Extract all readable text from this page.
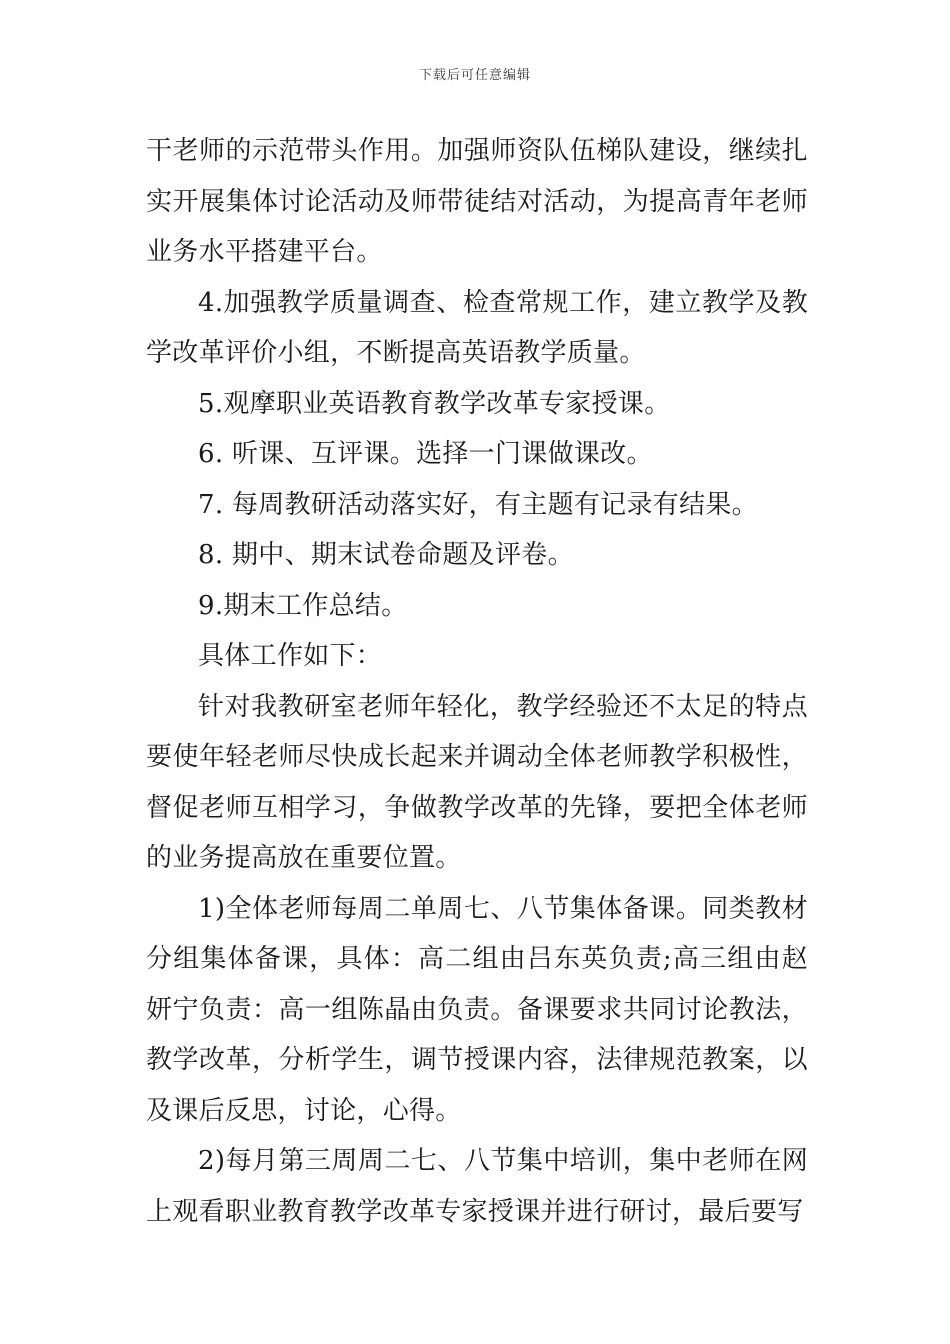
下载后可任意编辑

干老师的示范带头作用。加强师资队伍梯队建设，继续扎实开展集体讨论活动及师带徒结对活动，为提高青年老师业务水平搭建平台。

4.加强教学质量调查、检查常规工作，建立教学及教学改革评价小组，不断提高英语教学质量。

5.观摩职业英语教育教学改革专家授课。

6. 听课、互评课。选择一门课做课改。

7. 每周教研活动落实好，有主题有记录有结果。

8. 期中、期末试卷命题及评卷。

9.期末工作总结。

具体工作如下：

针对我教研室老师年轻化，教学经验还不太足的特点要使年轻老师尽快成长起来并调动全体老师教学积极性，督促老师互相学习，争做教学改革的先锋，要把全体老师的业务提高放在重要位置。

1)全体老师每周二单周七、八节集体备课。同类教材分组集体备课，具体：高二组由吕东英负责;高三组由赵妍宁负责：高一组陈晶由负责。备课要求共同讨论教法，教学改革，分析学生，调节授课内容，法律规范教案，以及课后反思，讨论，心得。

2)每月第三周周二七、八节集中培训，集中老师在网上观看职业教育教学改革专家授课并进行研讨，最后要写
